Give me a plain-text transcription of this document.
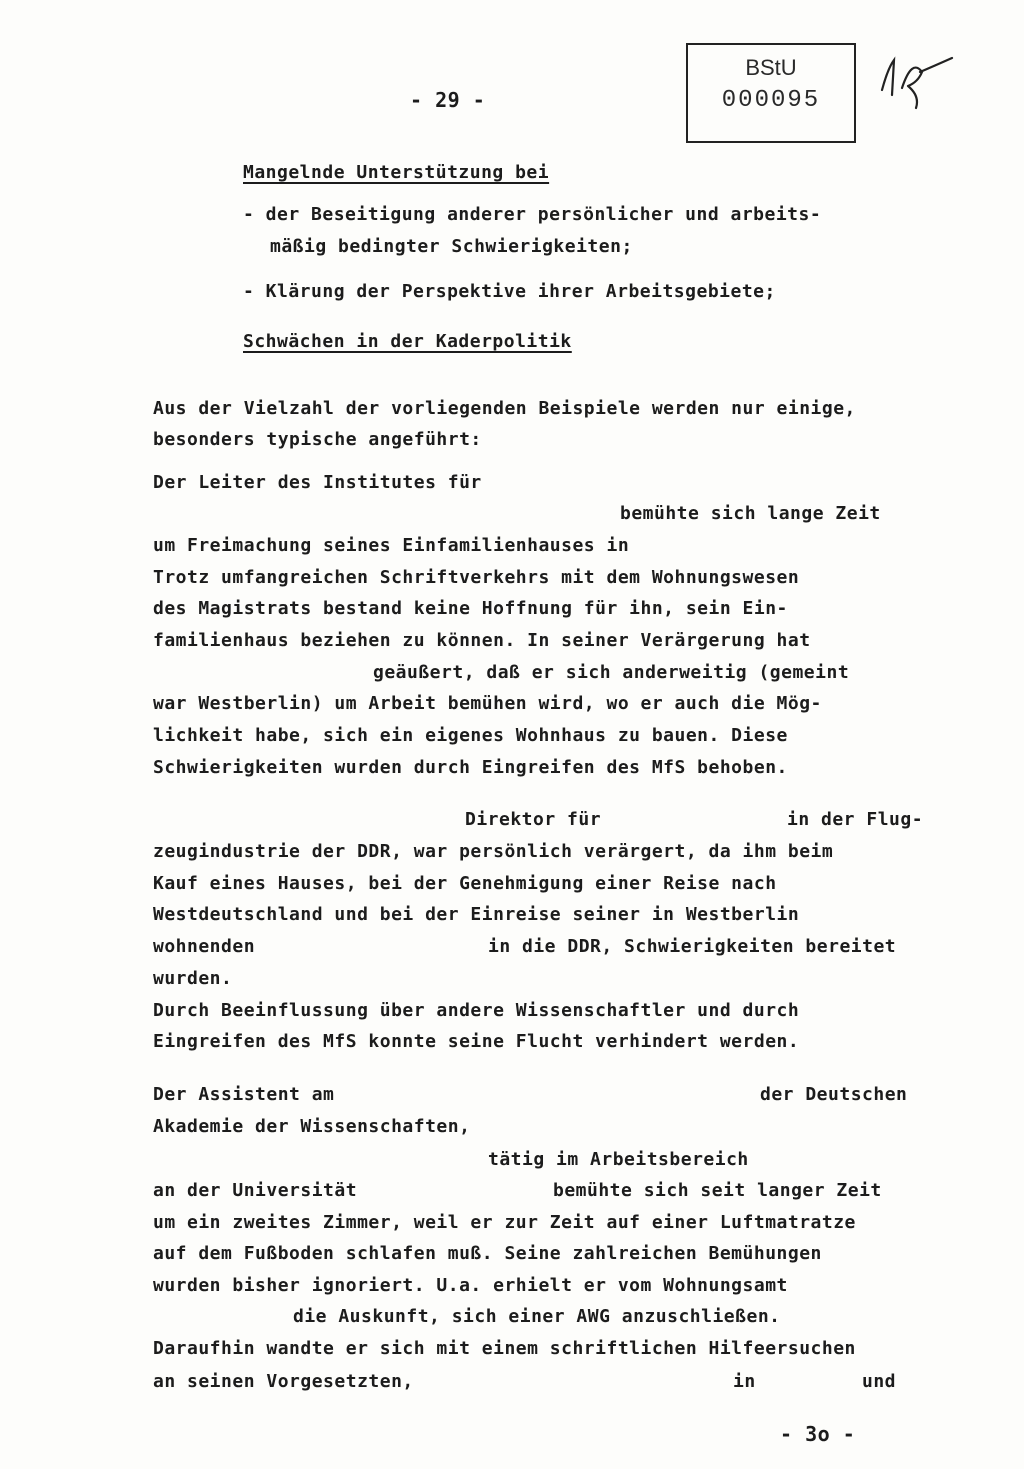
BStU
000095
- 29 -
Mangelnde Unterstützung bei
- der Beseitigung anderer persönlicher und arbeits-
mäßig bedingter Schwierigkeiten;
- Klärung der Perspektive ihrer Arbeitsgebiete;
Schwächen in der Kaderpolitik
Aus der Vielzahl der vorliegenden Beispiele werden nur einige,
besonders typische angeführt:
Der Leiter des Institutes für
bemühte sich lange Zeit
um Freimachung seines Einfamilienhauses in
Trotz umfangreichen Schriftverkehrs mit dem Wohnungswesen
des Magistrats bestand keine Hoffnung für ihn, sein Ein-
familienhaus beziehen zu können. In seiner Verärgerung hat
geäußert, daß er sich anderweitig (gemeint
war Westberlin) um Arbeit bemühen wird, wo er auch die Mög-
lichkeit habe, sich ein eigenes Wohnhaus zu bauen. Diese
Schwierigkeiten wurden durch Eingreifen des MfS behoben.
Direktor für	in der Flug-
zeugindustrie der DDR, war persönlich verärgert, da ihm beim
Kauf eines Hauses, bei der Genehmigung einer Reise nach
Westdeutschland und bei der Einreise seiner in Westberlin
wohnenden	in die DDR, Schwierigkeiten bereitet
wurden.
Durch Beeinflussung über andere Wissenschaftler und durch
Eingreifen des MfS konnte seine Flucht verhindert werden.
Der Assistent am	der Deutschen
Akademie der Wissenschaften,
tätig im Arbeitsbereich
an der Universität	bemühte sich seit langer Zeit
um ein zweites Zimmer, weil er zur Zeit auf einer Luftmatratze
auf dem Fußboden schlafen muß. Seine zahlreichen Bemühungen
wurden bisher ignoriert. U.a. erhielt er vom Wohnungsamt
die Auskunft, sich einer AWG anzuschließen.
Daraufhin wandte er sich mit einem schriftlichen Hilfeersuchen
an seinen Vorgesetzten,	in	und
- 3o -
